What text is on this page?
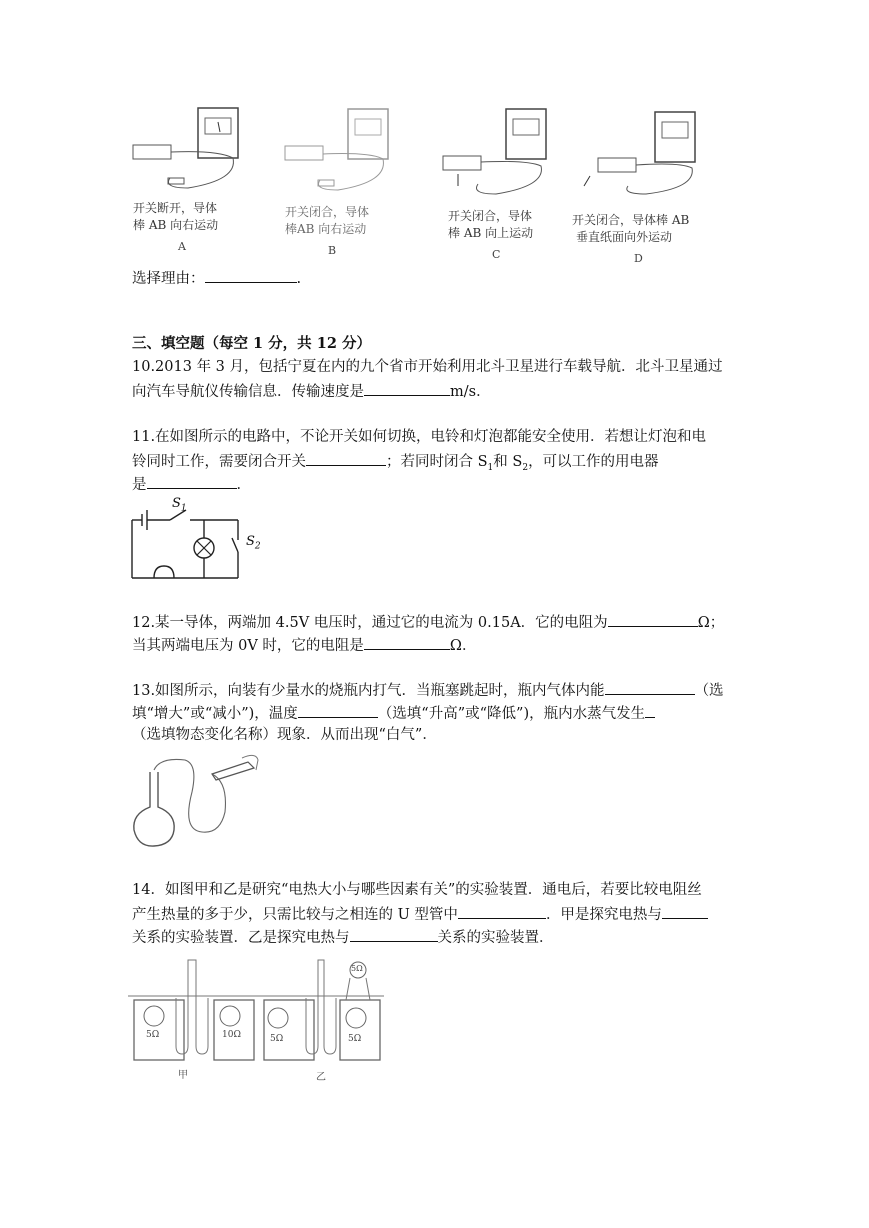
开关断开，导体
棒 AB 向右运动
A
开关闭合，导体
棒AB 向右运动
B
开关闭合，导体
棒 AB 向上运动
C
开关闭合，导体棒 AB
垂直纸面向外运动
D
选择理由：	.
三、填空题（每空 1 分，共 12 分）
10.2013 年 3 月，包括宁夏在内的九个省市开始利用北斗卫星进行车载导航．北斗卫星通过
向汽车导航仪传输信息．传输速度是	m/s．
11.在如图所示的电路中，不论开关如何切换，电铃和灯泡都能安全使用．若想让灯泡和电
铃同时工作，需要闭合开关	；若同时闭合 $S_1$和 $S_2$，可以工作的用电器
是	．
$S_1$
$S_2$
12.某一导体，两端加 4.5V 电压时，通过它的电流为 0.15A．它的电阻为	Ω；
当其两端电压为 0V 时，它的电阻是	Ω．
13.如图所示，向装有少量水的烧瓶内打气．当瓶塞跳起时，瓶内气体内能	（选
填“增大”或“减小”)，温度	（选填“升高”或“降低”)，瓶内水蒸气发生
（选填物态变化名称）现象．从而出现“白气”．
14．如图甲和乙是研究“电热大小与哪些因素有关”的实验装置．通电后，若要比较电阻丝
产生热量的多于少，只需比较与之相连的 U 型管中	．甲是探究电热与
关系的实验装置．乙是探究电热与	关系的实验装置．
5Ω	10Ω	5Ω	5Ω
5Ω
甲	乙
